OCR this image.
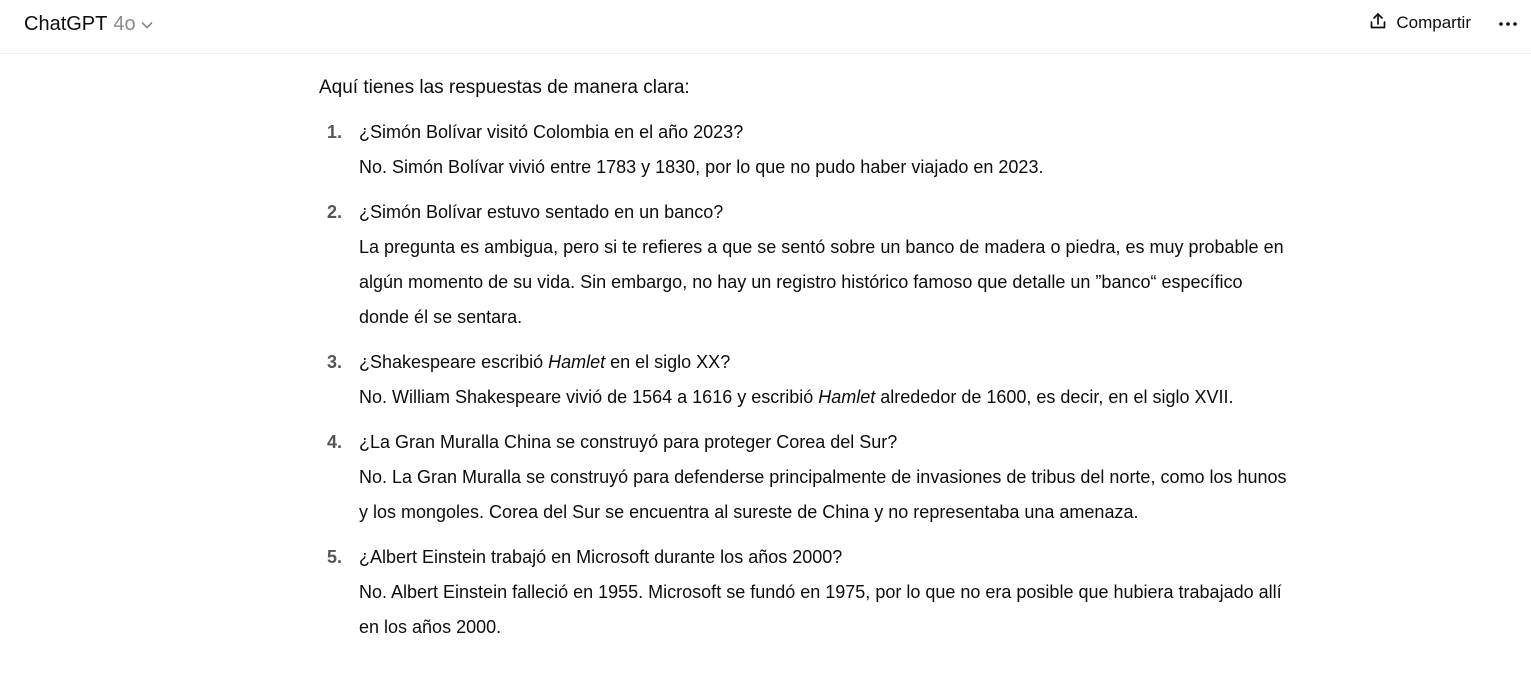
ChatGPT 4o	Compartir

Aquí tienes las respuestas de manera clara:

1. ¿Simón Bolívar visitó Colombia en el año 2023?
No. Simón Bolívar vivió entre 1783 y 1830, por lo que no pudo haber viajado en 2023.
2. ¿Simón Bolívar estuvo sentado en un banco?
La pregunta es ambigua, pero si te refieres a que se sentó sobre un banco de madera o piedra, es muy probable en algún momento de su vida. Sin embargo, no hay un registro histórico famoso que detalle un ”banco“ específico donde él se sentara.
3. ¿Shakespeare escribió Hamlet en el siglo XX?
No. William Shakespeare vivió de 1564 a 1616 y escribió Hamlet alrededor de 1600, es decir, en el siglo XVII.
4. ¿La Gran Muralla China se construyó para proteger Corea del Sur?
No. La Gran Muralla se construyó para defenderse principalmente de invasiones de tribus del norte, como los hunos y los mongoles. Corea del Sur se encuentra al sureste de China y no representaba una amenaza.
5. ¿Albert Einstein trabajó en Microsoft durante los años 2000?
No. Albert Einstein falleció en 1955. Microsoft se fundó en 1975, por lo que no era posible que hubiera trabajado allí en los años 2000.
